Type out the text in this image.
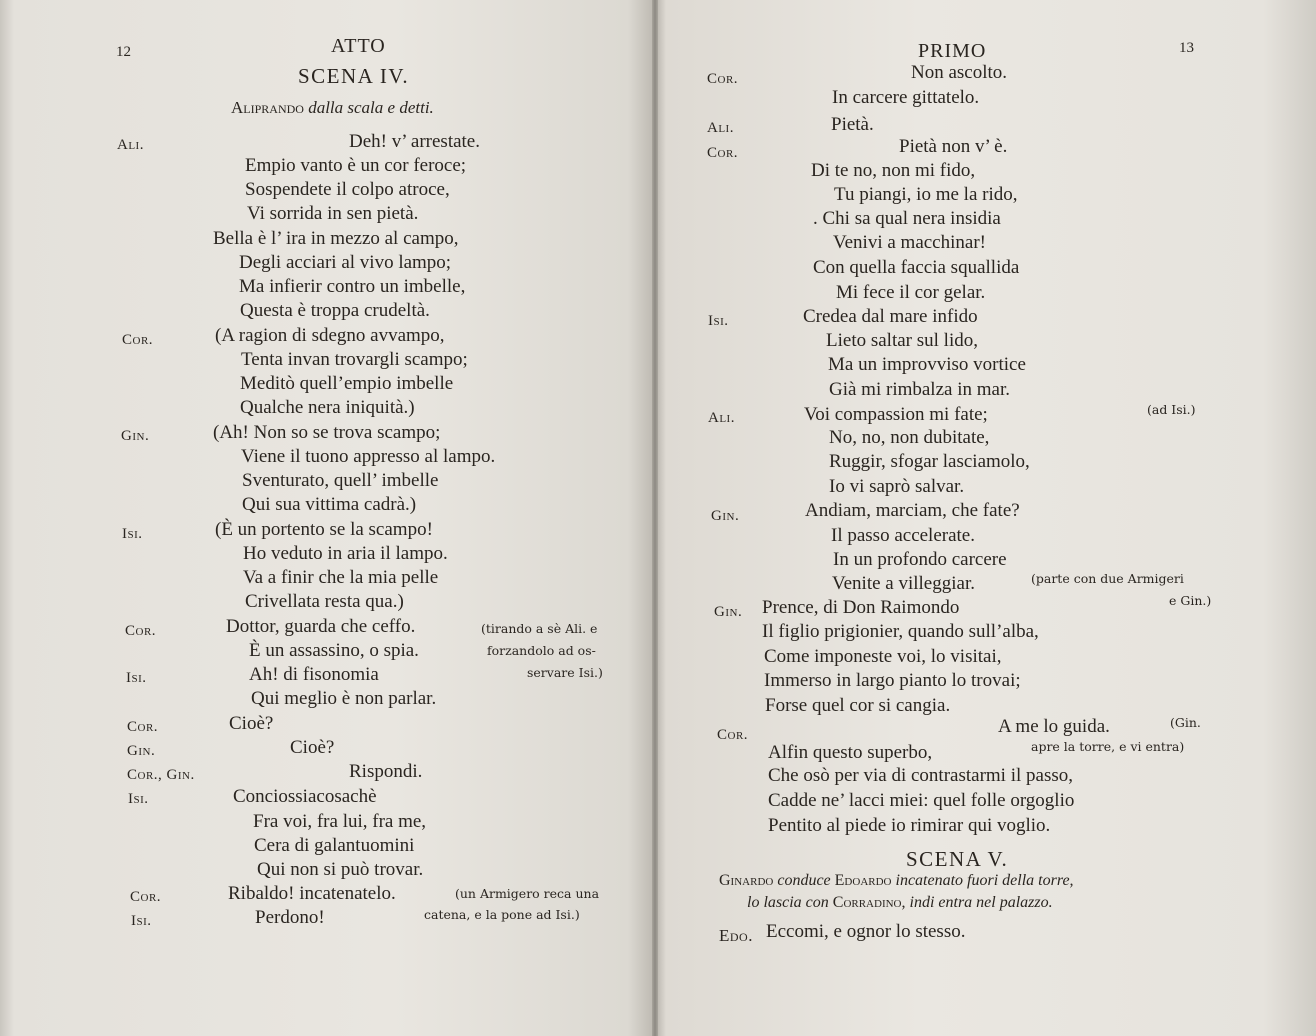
12	ATTO
SCENA IV.
Aliprando dalla scala e detti.
Ali.	Deh! v’ arrestate.
Empio vanto è un cor feroce;
Sospendete il colpo atroce,
Vi sorrida in sen pietà.
Bella è l’ ira in mezzo al campo,
Degli acciari al vivo lampo;
Ma infierir contro un imbelle,
Questa è troppa crudeltà.
Cor.	(A ragion di sdegno avvampo,
Tenta invan trovargli scampo;
Meditò quell’empio imbelle
Qualche nera iniquità.)
Gin.	(Ah! Non so se trova scampo;
Viene il tuono appresso al lampo.
Sventurato, quell’ imbelle
Qui sua vittima cadrà.)
Isi.	(È un portento se la scampo!
Ho veduto in aria il lampo.
Va a finir che la mia pelle
Crivellata resta qua.)
Cor.	Dottor, guarda che ceffo.	(tirando a sè Ali. e
È un assassino, o spia.	forzandolo ad os-
Isi.	Ah! di fisonomia	servare Isi.)
Qui meglio è non parlar.
Cor.	Cioè?
Gin.	Cioè?
Cor., Gin.	Rispondi.
Isi.	Conciossiacosachè
Fra voi, fra lui, fra me,
Cera di galantuomini
Qui non si può trovar.
Cor.	Ribaldo! incatenatelo.	(un Armigero reca una
Isi.	Perdono!	catena, e la pone ad Isi.)
PRIMO	13
Cor.	Non ascolto.
In carcere gittatelo.
Ali.	Pietà.
Cor.	Pietà non v’ è.
Di te no, non mi fido,
Tu piangi, io me la rido,
. Chi sa qual nera insidia
Venivi a macchinar!
Con quella faccia squallida
Mi fece il cor gelar.
Isi.	Credea dal mare infido
Lieto saltar sul lido,
Ma un improvviso vortice
Già mi rimbalza in mar.
Ali.	Voi compassion mi fate;	(ad Isi.)
No, no, non dubitate,
Ruggir, sfogar lasciamolo,
Io vi saprò salvar.
Gin.	Andiam, marciam, che fate?
Il passo accelerate.
In un profondo carcere
Venite a villeggiar.	(parte con due Armigeri
Gin. Prence, di Don Raimondo	e Gin.)
Il figlio prigionier, quando sull’alba,
Come imponeste voi, lo visitai,
Immerso in largo pianto lo trovai;
Forse quel cor si cangia.
Cor.	A me lo guida.	(Gin.
Alfin questo superbo,	apre la torre, e vi entra)
Che osò per via di contrastarmi il passo,
Cadde ne’ lacci miei: quel folle orgoglio
Pentito al piede io rimirar qui voglio.
SCENA V.
Ginardo conduce Edoardo incatenato fuori della torre,
lo lascia con Corradino, indi entra nel palazzo.
Edo. Eccomi, e ognor lo stesso.
